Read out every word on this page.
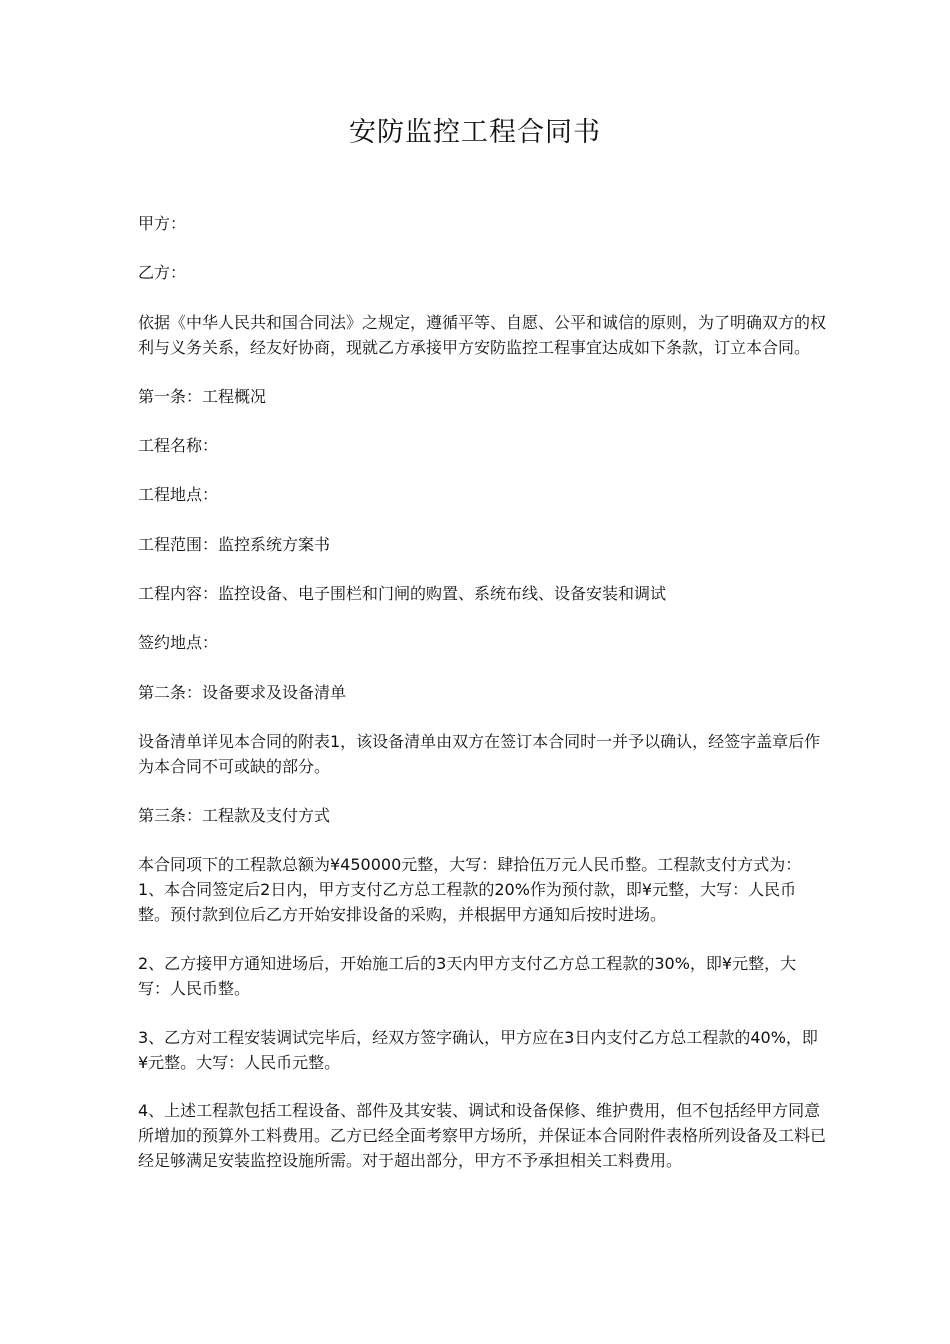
安防监控工程合同书
甲方：
乙方：
依据《中华人民共和国合同法》之规定，遵循平等、自愿、公平和诚信的原则，为了明确双方的权利与义务关系，经友好协商，现就乙方承接甲方安防监控工程事宜达成如下条款，订立本合同。
第一条：工程概况
工程名称：
工程地点：
工程范围：监控系统方案书
工程内容：监控设备、电子围栏和门闸的购置、系统布线、设备安装和调试
签约地点：
第二条：设备要求及设备清单
设备清单详见本合同的附表1，该设备清单由双方在签订本合同时一并予以确认，经签字盖章后作为本合同不可或缺的部分。
第三条：工程款及支付方式
本合同项下的工程款总额为¥450000元整，大写：肆拾伍万元人民币整。工程款支付方式为：
1、本合同签定后2日内，甲方支付乙方总工程款的20%作为预付款，即¥元整，大写：人民币整。预付款到位后乙方开始安排设备的采购，并根据甲方通知后按时进场。
2、乙方接甲方通知进场后，开始施工后的3天内甲方支付乙方总工程款的30%，即¥元整，大写：人民币整。
3、乙方对工程安装调试完毕后，经双方签字确认，甲方应在3日内支付乙方总工程款的40%，即¥元整。大写：人民币元整。
4、上述工程款包括工程设备、部件及其安装、调试和设备保修、维护费用，但不包括经甲方同意所增加的预算外工料费用。乙方已经全面考察甲方场所，并保证本合同附件表格所列设备及工料已经足够满足安装监控设施所需。对于超出部分，甲方不予承担相关工料费用。
